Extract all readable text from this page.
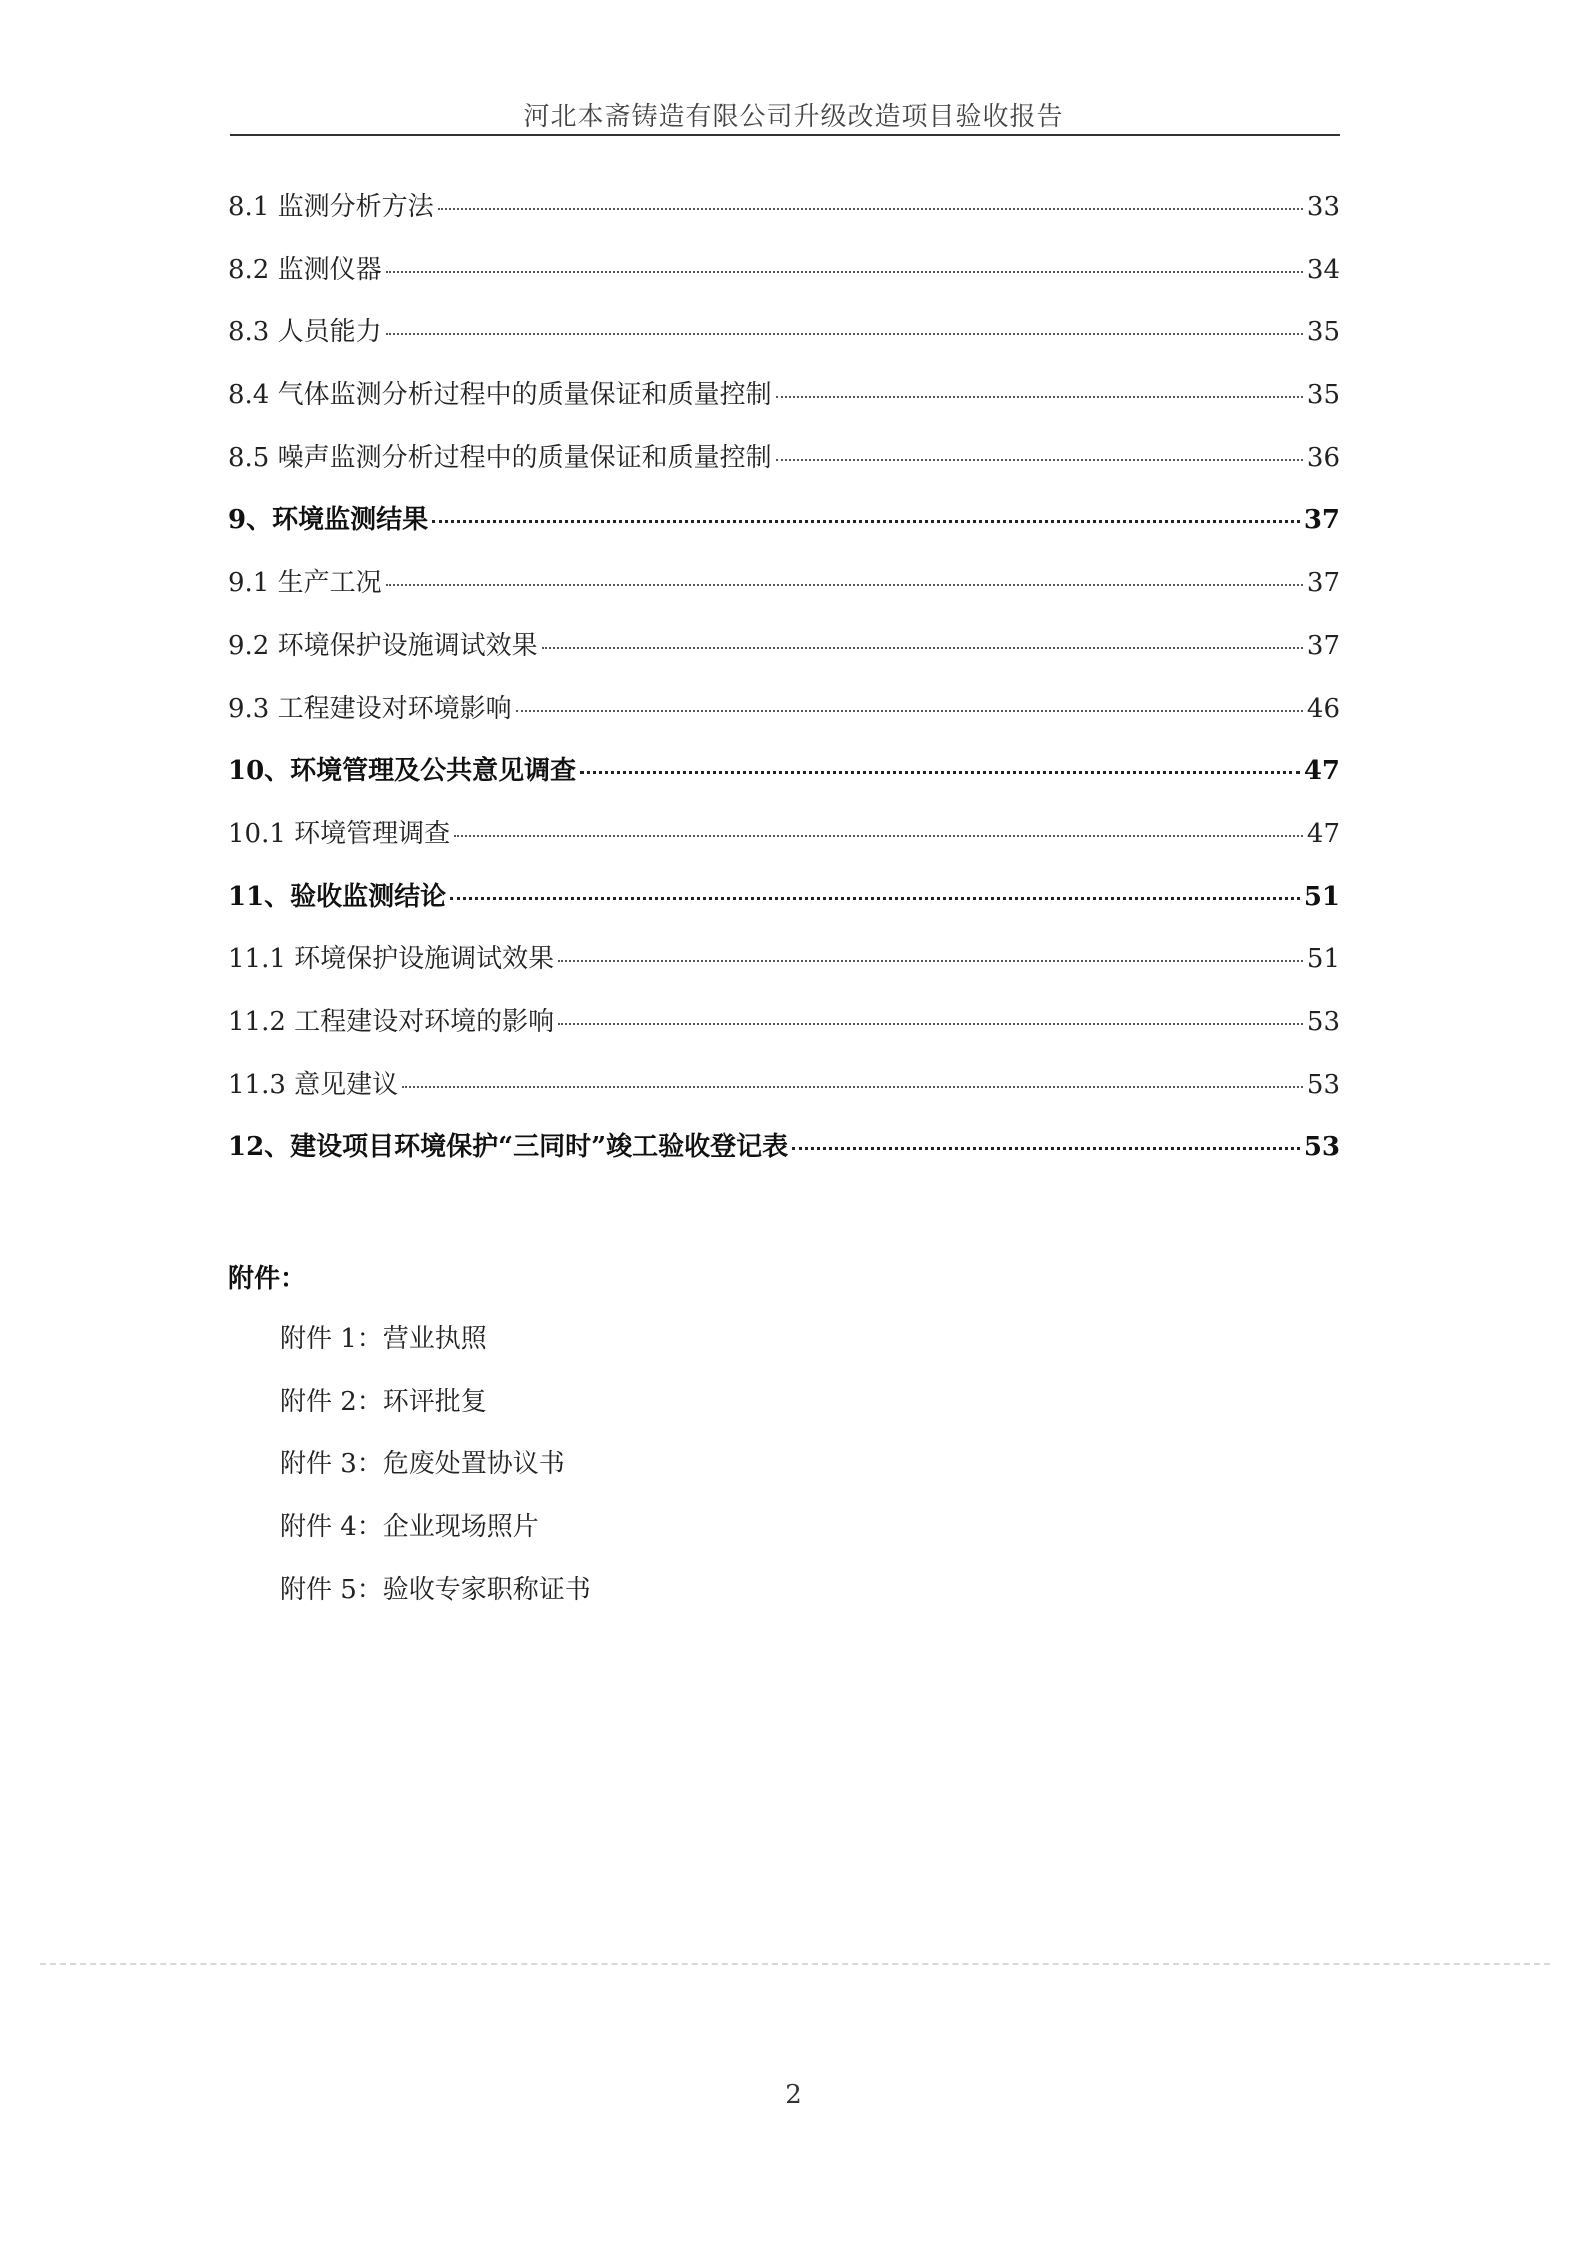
河北本斋铸造有限公司升级改造项目验收报告
8.1 监测分析方法	33
8.2 监测仪器	34
8.3 人员能力	35
8.4 气体监测分析过程中的质量保证和质量控制	35
8.5 噪声监测分析过程中的质量保证和质量控制	36
9、环境监测结果	37
9.1 生产工况	37
9.2 环境保护设施调试效果	37
9.3 工程建设对环境影响	46
10、环境管理及公共意见调查	47
10.1 环境管理调查	47
11、验收监测结论	51
11.1 环境保护设施调试效果	51
11.2 工程建设对环境的影响	53
11.3 意见建议	53
12、建设项目环境保护“三同时”竣工验收登记表	53
附件：
附件 1：营业执照
附件 2：环评批复
附件 3：危废处置协议书
附件 4：企业现场照片
附件 5：验收专家职称证书
2
